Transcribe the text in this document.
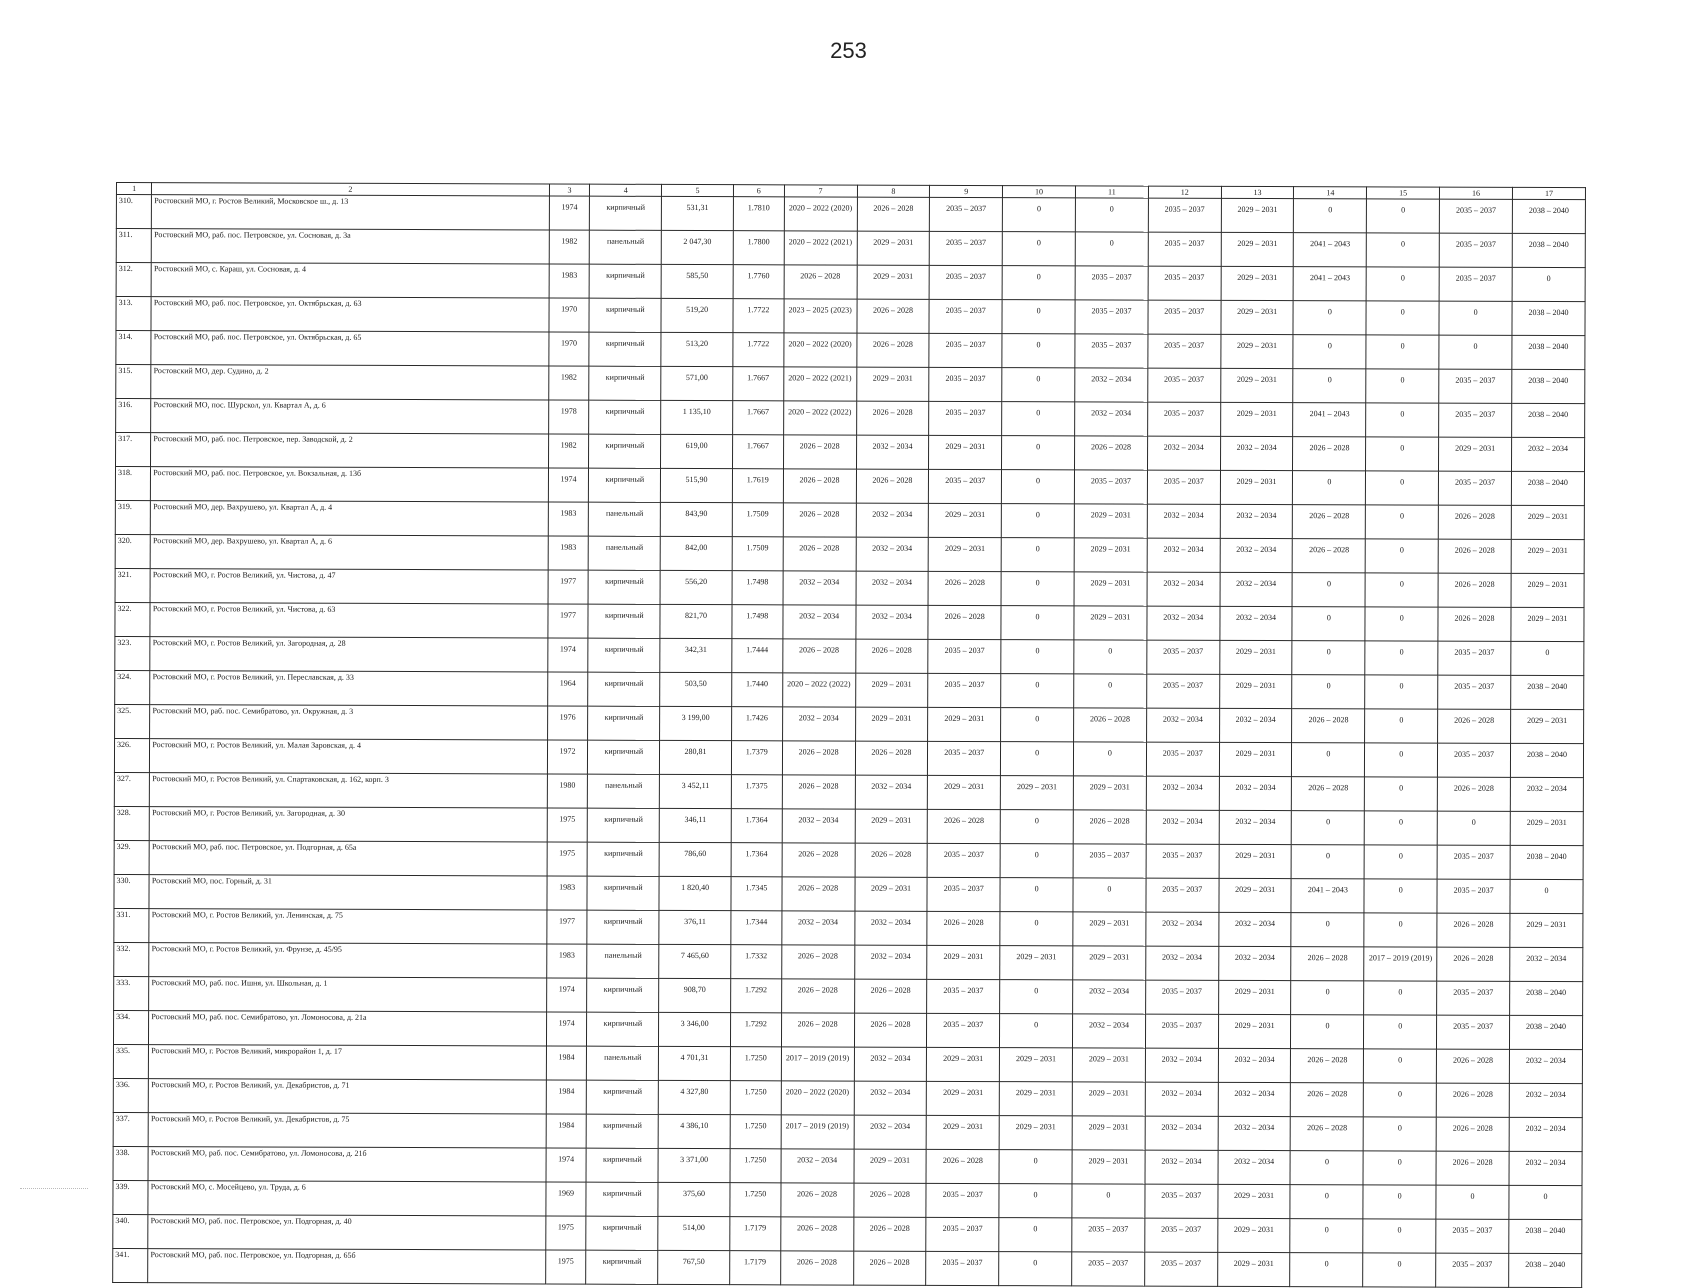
253
1	2	3	4	5	6	7	8	9	10	11	12	13	14	15	16	17
310.	Ростовский МО, г. Ростов Великий, Московское ш., д. 13	1974	кирпичный	531,31	1.7810	2020 – 2022 (2020)	2026 – 2028	2035 – 2037	0	0	2035 – 2037	2029 – 2031	0	0	2035 – 2037	2038 – 2040
311.	Ростовский МО, раб. пос. Петровское, ул. Сосновая, д. 3а	1982	панельный	2 047,30	1.7800	2020 – 2022 (2021)	2029 – 2031	2035 – 2037	0	0	2035 – 2037	2029 – 2031	2041 – 2043	0	2035 – 2037	2038 – 2040
312.	Ростовский МО, с. Караш, ул. Сосновая, д. 4	1983	кирпичный	585,50	1.7760	2026 – 2028	2029 – 2031	2035 – 2037	0	2035 – 2037	2035 – 2037	2029 – 2031	2041 – 2043	0	2035 – 2037	0
313.	Ростовский МО, раб. пос. Петровское, ул. Октябрьская, д. 63	1970	кирпичный	519,20	1.7722	2023 – 2025 (2023)	2026 – 2028	2035 – 2037	0	2035 – 2037	2035 – 2037	2029 – 2031	0	0	0	2038 – 2040
314.	Ростовский МО, раб. пос. Петровское, ул. Октябрьская, д. 65	1970	кирпичный	513,20	1.7722	2020 – 2022 (2020)	2026 – 2028	2035 – 2037	0	2035 – 2037	2035 – 2037	2029 – 2031	0	0	0	2038 – 2040
315.	Ростовский МО, дер. Судино, д. 2	1982	кирпичный	571,00	1.7667	2020 – 2022 (2021)	2029 – 2031	2035 – 2037	0	2032 – 2034	2035 – 2037	2029 – 2031	0	0	2035 – 2037	2038 – 2040
316.	Ростовский МО, пос. Шурскол, ул. Квартал А, д. 6	1978	кирпичный	1 135,10	1.7667	2020 – 2022 (2022)	2026 – 2028	2035 – 2037	0	2032 – 2034	2035 – 2037	2029 – 2031	2041 – 2043	0	2035 – 2037	2038 – 2040
317.	Ростовский МО, раб. пос. Петровское, пер. Заводской, д. 2	1982	кирпичный	619,00	1.7667	2026 – 2028	2032 – 2034	2029 – 2031	0	2026 – 2028	2032 – 2034	2032 – 2034	2026 – 2028	0	2029 – 2031	2032 – 2034
318.	Ростовский МО, раб. пос. Петровское, ул. Вокзальная, д. 13б	1974	кирпичный	515,90	1.7619	2026 – 2028	2026 – 2028	2035 – 2037	0	2035 – 2037	2035 – 2037	2029 – 2031	0	0	2035 – 2037	2038 – 2040
319.	Ростовский МО, дер. Вахрушево, ул. Квартал А, д. 4	1983	панельный	843,90	1.7509	2026 – 2028	2032 – 2034	2029 – 2031	0	2029 – 2031	2032 – 2034	2032 – 2034	2026 – 2028	0	2026 – 2028	2029 – 2031
320.	Ростовский МО, дер. Вахрушево, ул. Квартал А, д. 6	1983	панельный	842,00	1.7509	2026 – 2028	2032 – 2034	2029 – 2031	0	2029 – 2031	2032 – 2034	2032 – 2034	2026 – 2028	0	2026 – 2028	2029 – 2031
321.	Ростовский МО, г. Ростов Великий, ул. Чистова, д. 47	1977	кирпичный	556,20	1.7498	2032 – 2034	2032 – 2034	2026 – 2028	0	2029 – 2031	2032 – 2034	2032 – 2034	0	0	2026 – 2028	2029 – 2031
322.	Ростовский МО, г. Ростов Великий, ул. Чистова, д. 63	1977	кирпичный	821,70	1.7498	2032 – 2034	2032 – 2034	2026 – 2028	0	2029 – 2031	2032 – 2034	2032 – 2034	0	0	2026 – 2028	2029 – 2031
323.	Ростовский МО, г. Ростов Великий, ул. Загородная, д. 28	1974	кирпичный	342,31	1.7444	2026 – 2028	2026 – 2028	2035 – 2037	0	0	2035 – 2037	2029 – 2031	0	0	2035 – 2037	0
324.	Ростовский МО, г. Ростов Великий, ул. Переславская, д. 33	1964	кирпичный	503,50	1.7440	2020 – 2022 (2022)	2029 – 2031	2035 – 2037	0	0	2035 – 2037	2029 – 2031	0	0	2035 – 2037	2038 – 2040
325.	Ростовский МО, раб. пос. Семибратово, ул. Окружная, д. 3	1976	кирпичный	3 199,00	1.7426	2032 – 2034	2029 – 2031	2029 – 2031	0	2026 – 2028	2032 – 2034	2032 – 2034	2026 – 2028	0	2026 – 2028	2029 – 2031
326.	Ростовский МО, г. Ростов Великий, ул. Малая Заровская, д. 4	1972	кирпичный	280,81	1.7379	2026 – 2028	2026 – 2028	2035 – 2037	0	0	2035 – 2037	2029 – 2031	0	0	2035 – 2037	2038 – 2040
327.	Ростовский МО, г. Ростов Великий, ул. Спартаковская, д. 162, корп. 3	1980	панельный	3 452,11	1.7375	2026 – 2028	2032 – 2034	2029 – 2031	2029 – 2031	2029 – 2031	2032 – 2034	2032 – 2034	2026 – 2028	0	2026 – 2028	2032 – 2034
328.	Ростовский МО, г. Ростов Великий, ул. Загородная, д. 30	1975	кирпичный	346,11	1.7364	2032 – 2034	2029 – 2031	2026 – 2028	0	2026 – 2028	2032 – 2034	2032 – 2034	0	0	0	2029 – 2031
329.	Ростовский МО, раб. пос. Петровское, ул. Подгорная, д. 65а	1975	кирпичный	786,60	1.7364	2026 – 2028	2026 – 2028	2035 – 2037	0	2035 – 2037	2035 – 2037	2029 – 2031	0	0	2035 – 2037	2038 – 2040
330.	Ростовский МО, пос. Горный, д. 31	1983	кирпичный	1 820,40	1.7345	2026 – 2028	2029 – 2031	2035 – 2037	0	0	2035 – 2037	2029 – 2031	2041 – 2043	0	2035 – 2037	0
331.	Ростовский МО, г. Ростов Великий, ул. Ленинская, д. 75	1977	кирпичный	376,11	1.7344	2032 – 2034	2032 – 2034	2026 – 2028	0	2029 – 2031	2032 – 2034	2032 – 2034	0	0	2026 – 2028	2029 – 2031
332.	Ростовский МО, г. Ростов Великий, ул. Фрунзе, д. 45/95	1983	панельный	7 465,60	1.7332	2026 – 2028	2032 – 2034	2029 – 2031	2029 – 2031	2029 – 2031	2032 – 2034	2032 – 2034	2026 – 2028	2017 – 2019 (2019)	2026 – 2028	2032 – 2034
333.	Ростовский МО, раб. пос. Ишня, ул. Школьная, д. 1	1974	кирпичный	908,70	1.7292	2026 – 2028	2026 – 2028	2035 – 2037	0	2032 – 2034	2035 – 2037	2029 – 2031	0	0	2035 – 2037	2038 – 2040
334.	Ростовский МО, раб. пос. Семибратово, ул. Ломоносова, д. 21а	1974	кирпичный	3 346,00	1.7292	2026 – 2028	2026 – 2028	2035 – 2037	0	2032 – 2034	2035 – 2037	2029 – 2031	0	0	2035 – 2037	2038 – 2040
335.	Ростовский МО, г. Ростов Великий, микрорайон 1, д. 17	1984	панельный	4 701,31	1.7250	2017 – 2019 (2019)	2032 – 2034	2029 – 2031	2029 – 2031	2029 – 2031	2032 – 2034	2032 – 2034	2026 – 2028	0	2026 – 2028	2032 – 2034
336.	Ростовский МО, г. Ростов Великий, ул. Декабристов, д. 71	1984	кирпичный	4 327,80	1.7250	2020 – 2022 (2020)	2032 – 2034	2029 – 2031	2029 – 2031	2029 – 2031	2032 – 2034	2032 – 2034	2026 – 2028	0	2026 – 2028	2032 – 2034
337.	Ростовский МО, г. Ростов Великий, ул. Декабристов, д. 75	1984	кирпичный	4 386,10	1.7250	2017 – 2019 (2019)	2032 – 2034	2029 – 2031	2029 – 2031	2029 – 2031	2032 – 2034	2032 – 2034	2026 – 2028	0	2026 – 2028	2032 – 2034
338.	Ростовский МО, раб. пос. Семибратово, ул. Ломоносова, д. 21б	1974	кирпичный	3 371,00	1.7250	2032 – 2034	2029 – 2031	2026 – 2028	0	2029 – 2031	2032 – 2034	2032 – 2034	0	0	2026 – 2028	2032 – 2034
339.	Ростовский МО, с. Мосейцево, ул. Труда, д. 6	1969	кирпичный	375,60	1.7250	2026 – 2028	2026 – 2028	2035 – 2037	0	0	2035 – 2037	2029 – 2031	0	0	0	0
340.	Ростовский МО, раб. пос. Петровское, ул. Подгорная, д. 40	1975	кирпичный	514,00	1.7179	2026 – 2028	2026 – 2028	2035 – 2037	0	2035 – 2037	2035 – 2037	2029 – 2031	0	0	2035 – 2037	2038 – 2040
341.	Ростовский МО, раб. пос. Петровское, ул. Подгорная, д. 65б	1975	кирпичный	767,50	1.7179	2026 – 2028	2026 – 2028	2035 – 2037	0	2035 – 2037	2035 – 2037	2029 – 2031	0	0	2035 – 2037	2038 – 2040
